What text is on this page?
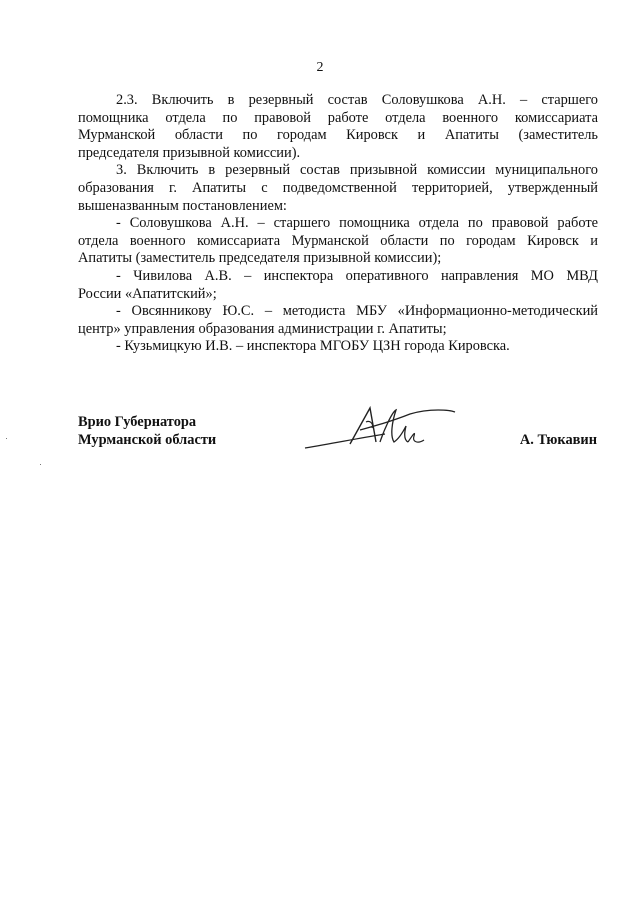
2
2.3. Включить в резервный состав Соловушкова А.Н. – старшего
помощника отдела по правовой работе отдела военного комиссариата
Мурманской области по городам Кировск и Апатиты (заместитель
председателя призывной комиссии).
3. Включить в резервный состав призывной комиссии муниципального
образования г. Апатиты с подведомственной территорией, утвержденный
вышеназванным постановлением:
- Соловушкова А.Н. – старшего помощника отдела по правовой работе
отдела военного комиссариата Мурманской области по городам Кировск и
Апатиты (заместитель председателя призывной комиссии);
- Чивилова А.В. – инспектора оперативного направления МО МВД
России «Апатитский»;
- Овсянникову Ю.С. – методиста МБУ «Информационно-методический
центр» управления образования администрации г. Апатиты;
- Кузьмицкую И.В. – инспектора МГОБУ ЦЗН города Кировска.
Врио Губернатора
Мурманской области	А. Тюкавин
